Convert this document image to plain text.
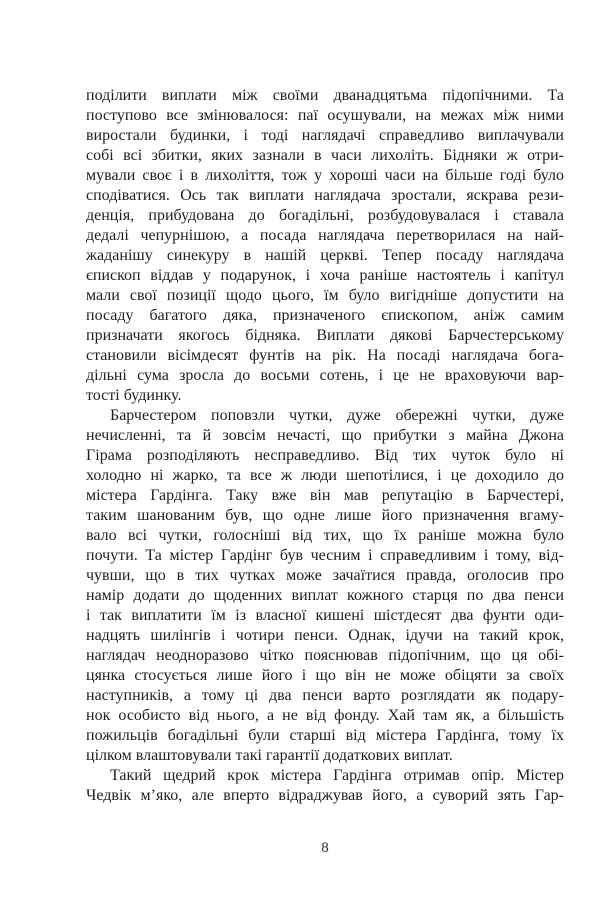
поділити виплати між своїми дванадцятьма підопічними. Та
поступово все змінювалося: паї осушували, на межах між ними
виростали будинки, і тоді наглядачі справедливо виплачували
собі всі збитки, яких зазнали в часи лихоліть. Бідняки ж отри-
мували своє і в лихоліття, тож у хороші часи на більше годі було
сподіватися. Ось так виплати наглядача зростали, яскрава рези-
денція, прибудована до богадільні, розбудовувалася і ставала
дедалі чепурнішою, а посада наглядача перетворилася на най-
жаданішу синекуру в нашій церкві. Тепер посаду наглядача
єпископ віддав у подарунок, і хоча раніше настоятель і капітул
мали свої позиції щодо цього, їм було вигідніше допустити на
посаду багатого дяка, призначеного єпископом, аніж самим
призначати якогось бідняка. Виплати дякові Барчестерському
становили вісімдесят фунтів на рік. На посаді наглядача бога-
дільні сума зросла до восьми сотень, і це не враховуючи вар-
тості будинку.
Барчестером поповзли чутки, дуже обережні чутки, дуже
нечисленні, та й зовсім нечасті, що прибутки з майна Джона
Гірама розподіляють несправедливо. Від тих чуток було ні
холодно ні жарко, та все ж люди шепотілися, і це доходило до
містера Гардінга. Таку вже він мав репутацію в Барчестері,
таким шанованим був, що одне лише його призначення вгаму-
вало всі чутки, голосніші від тих, що їх раніше можна було
почути. Та містер Гардінг був чесним і справедливим і тому, від-
чувши, що в тих чутках може зачаїтися правда, оголосив про
намір додати до щоденних виплат кожного старця по два пенси
і так виплатити їм із власної кишені шістдесят два фунти оди-
надцять шилінгів і чотири пенси. Однак, ідучи на такий крок,
наглядач неодноразово чітко пояснював підопічним, що ця обі-
цянка стосується лише його і що він не може обіцяти за своїх
наступників, а тому ці два пенси варто розглядати як подару-
нок особисто від нього, а не від фонду. Хай там як, а більшість
пожильців богадільні були старші від містера Гардінга, тому їх
цілком влаштовували такі гарантії додаткових виплат.
Такий щедрий крок містера Гардінга отримав опір. Містер
Чедвік м’яко, але вперто відраджував його, а суворий зять Гар-
8
